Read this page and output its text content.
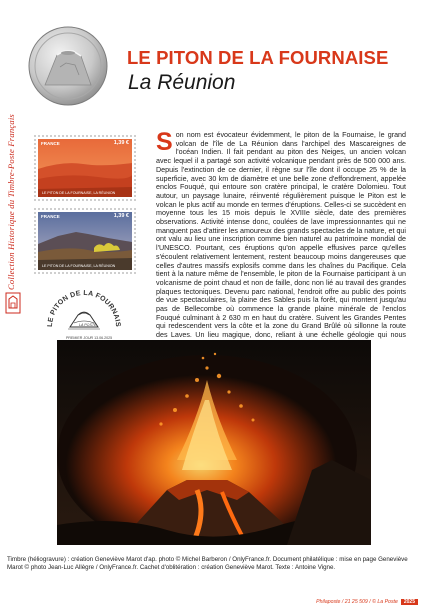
Collection Historique du Timbre-Poste Français
LE PITON DE LA FOURNAISE
La Réunion
FRANCE	1,39 €
LE PITON DE LA FOURNAISE, LA RÉUNION
FRANCE	1,39 €
LE PITON DE LA FOURNAISE, LA RÉUNION
LE PITON DE LA FOURNAIS
PREMIER JOUR 13.06.2025
LA POSTE
Son nom est évocateur évidemment, le piton de la Fournaise, le grand volcan de l'île de La Réunion dans l'archipel des Mascareignes de l'océan Indien. Il fait pendant au piton des Neiges, un ancien volcan avec lequel il a partagé son activité volcanique pendant près de 500 000 ans. Depuis l'extinction de ce dernier, il règne sur l'île dont il occupe 25 % de la superficie, avec 30 km de diamètre et une belle zone d'effondrement, appelée enclos Fouqué, qui entoure son cratère principal, le cratère Dolomieu. Tout autour, un paysage lunaire, réinventé régulièrement puisque le Piton est le volcan le plus actif au monde en termes d'éruptions. Celles-ci se succèdent en moyenne tous les 15 mois depuis le XVIIIe siècle, date des premières observations. Activité intense donc, coulées de lave impressionnantes qui ne manquent pas d'attirer les amoureux des grands spectacles de la nature, et qui ont valu au lieu une inscription comme bien naturel au patrimoine mondial de l'UNESCO. Pourtant, ces éruptions qu'on appelle effusives parce qu'elles s'écoulent relativement lentement, restent beaucoup moins dangereuses que celles d'autres massifs explosifs comme dans les chaînes du Pacifique. Cela tient à la nature même de l'ensemble, le piton de la Fournaise participant à un volcanisme de point chaud et non de faille, donc non lié au travail des grandes plaques tectoniques. Devenu parc national, l'endroit offre au public des points de vue spectaculaires, la plaine des Sables puis la forêt, qui montent jusqu'au pas de Bellecombe où commence la grande plaine minérale de l'enclos Fouqué culminant à 2 630 m en haut du cratère. Suivent les Grandes Pentes qui redescendent vers la côte et la zone du Grand Brûlé où sillonne la route des Laves. Un lieu magique, donc, reliant à une échelle géologie qui nous
Timbre (héliogravure) : création Geneviève Marot d'ap. photo © Michel Barberon / OnlyFrance.fr. Document philatélique : mise en page Geneviève Marot © photo Jean-Luc Allègre / OnlyFrance.fr. Cachet d'oblitération : création Geneviève Marot. Texte : Antoine Vigne.
Philaposte / 21 25 509 / © La Poste 2025
